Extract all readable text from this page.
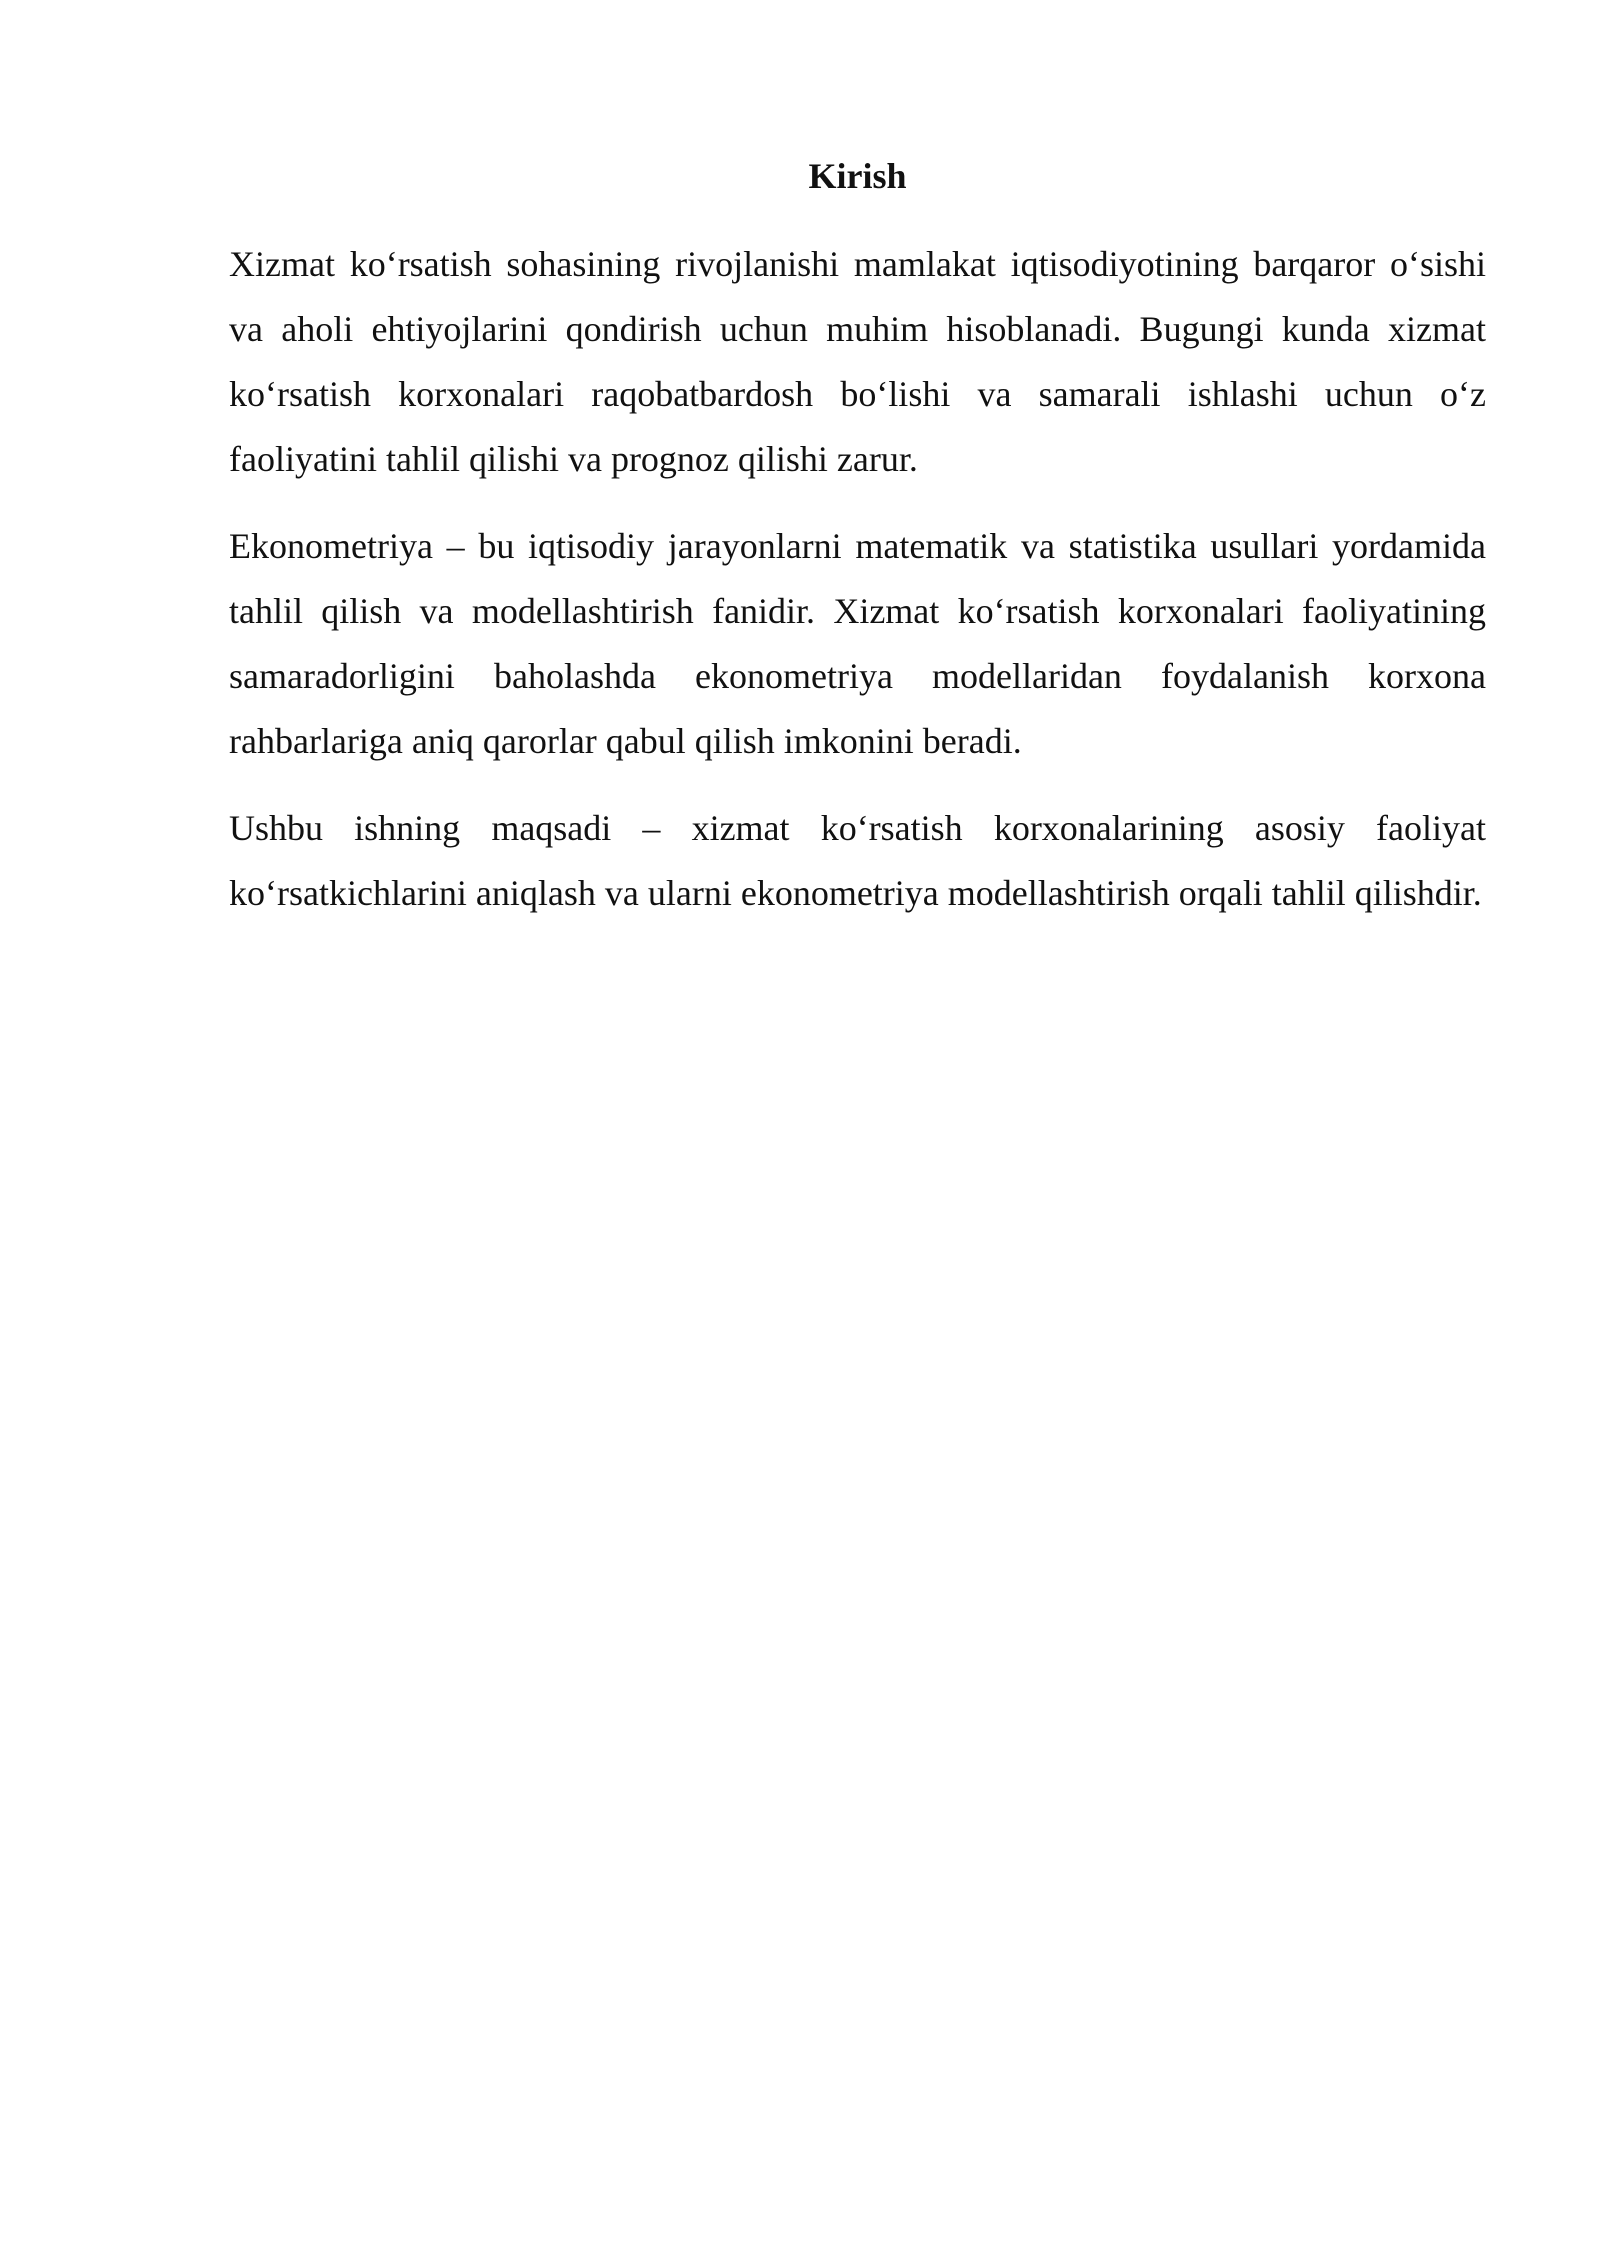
Kirish

Xizmat ko‘rsatish sohasining rivojlanishi mamlakat iqtisodiyotining barqaror o‘sishi va aholi ehtiyojlarini qondirish uchun muhim hisoblanadi. Bugungi kunda xizmat ko‘rsatish korxonalari raqobatbardosh bo‘lishi va samarali ishlashi uchun o‘z faoliyatini tahlil qilishi va prognoz qilishi zarur.

Ekonometriya – bu iqtisodiy jarayonlarni matematik va statistika usullari yordamida tahlil qilish va modellashtirish fanidir. Xizmat ko‘rsatish korxonalari faoliyatining samaradorligini baholashda ekonometriya modellaridan foydalanish korxona rahbarlariga aniq qarorlar qabul qilish imkonini beradi.

Ushbu ishning maqsadi – xizmat ko‘rsatish korxonalarining asosiy faoliyat ko‘rsatkichlarini aniqlash va ularni ekonometriya modellashtirish orqali tahlil qilishdir.
